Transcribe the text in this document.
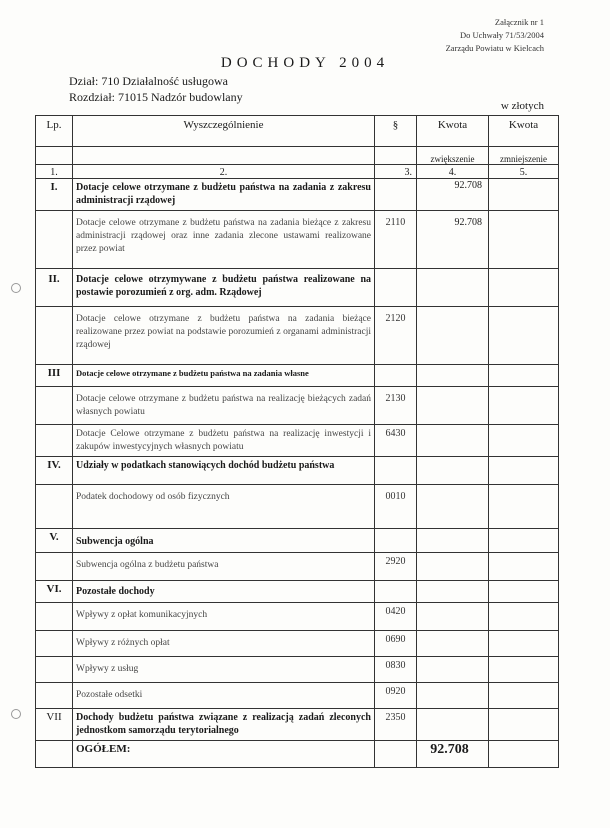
Załącznik nr 1
Do Uchwały 71/53/2004
Zarządu Powiatu w Kielcach
DOCHODY 2004
Dział: 710 Działalność usługowa
Rozdział: 71015 Nadzór budowlany
w złotych
Lp.	Wyszczególnienie	§	Kwota	Kwota
			zwiększenie	zmniejszenie
1.	2.	3.	4.	5.
I.	Dotacje celowe otrzymane z budżetu państwa na zadania z zakresu administracji rządowej		92.708	
	Dotacje celowe otrzymane z budżetu państwa na zadania bieżące z zakresu administracji rządowej oraz inne zadania zlecone ustawami realizowane przez powiat	2110	92.708	
II.	Dotacje celowe otrzymywane z budżetu państwa realizowane na postawie porozumień z org. adm. Rządowej			
	Dotacje celowe otrzymane z budżetu państwa na zadania bieżące realizowane przez powiat na podstawie porozumień z organami administracji rządowej	2120		
III	Dotacje celowe otrzymane z budżetu państwa na zadania własne			
	Dotacje celowe otrzymane z budżetu państwa na realizację bieżących zadań własnych powiatu	2130		
	Dotacje Celowe otrzymane z budżetu państwa na realizację inwestycji i zakupów inwestycyjnych własnych powiatu	6430		
IV.	Udziały w podatkach stanowiących dochód budżetu państwa			
	Podatek dochodowy od osób fizycznych	0010		
V.	Subwencja ogólna			
	Subwencja ogólna z budżetu państwa	2920		
VI.	Pozostałe dochody			
	Wpływy z opłat komunikacyjnych	0420		
	Wpływy z różnych opłat	0690		
	Wpływy z usług	0830		
	Pozostałe odsetki	0920		
VII	Dochody budżetu państwa związane z realizacją zadań zleconych jednostkom samorządu terytorialnego	2350		
	OGÓŁEM:		92.708	
